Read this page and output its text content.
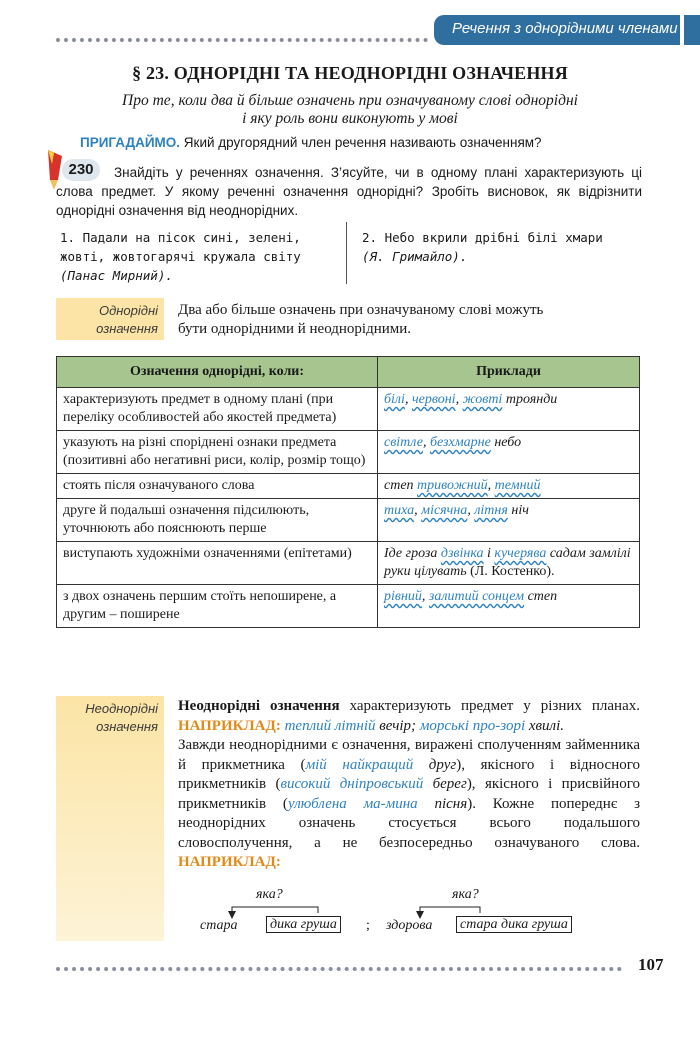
Речення з однорідними членами
§ 23. ОДНОРІДНІ ТА НЕОДНОРІДНІ ОЗНАЧЕННЯ
Про те, коли два й більше означень при означуваному слові однорідні
і яку роль вони виконують у мові
ПРИГАДАЙМО. Який другорядний член речення називають означенням?
230	Знайдіть у реченнях означення. З’ясуйте, чи в одному плані характеризують ці слова предмет. У якому реченні означення однорідні? Зробіть висновок, як відрізнити однорідні означення від неоднорідних.
1. Падали на пісок сині, зелені,
жовті, жовтогарячі кружала світу
(Панас Мирний).
2. Небо вкрили дрібні білі хмари
(Я. Гримайло).
Однорідні
означення
Два або більше означень при означуваному слові можуть
бути однорідними й неоднорідними.
Означення однорідні, коли:	Приклади
характеризують предмет в одному плані (при переліку особливостей або якостей предмета)	білі, червоні, жовті троянди
указують на різні споріднені ознаки предмета (позитивні або негативні риси, колір, розмір тощо)	світле, безхмарне небо
стоять після означуваного слова	степ тривожний, темний
друге й подальші означення підсилюють, уточнюють або пояснюють перше	тиха, місячна, літня ніч
виступають художніми означеннями (епітетами)	Іде гроза дзвінка і кучерява садам замлілі руки цілувать (Л. Костенко).
з двох означень першим стоїть непоширене, а другим – поширене	рівний, залитий сонцем степ
Неоднорідні
означення
Неоднорідні означення характеризують предмет у різних планах. НАПРИКЛАД: теплий літній вечір; морські про-зорі хвилі.
Завжди неоднорідними є означення, виражені сполученням займенника й прикметника (мій найкращий друг), якісного і відносного прикметників (високий дніпровський берег), якісного і присвійного прикметників (улюблена ма-мина пісня). Кожне попереднє з неоднорідних означень стосується всього подальшого словосполучення, а не безпосередньо означуваного слова. НАПРИКЛАД:
яка?	яка?
стара дика груша ; здорова стара дика груша
107
